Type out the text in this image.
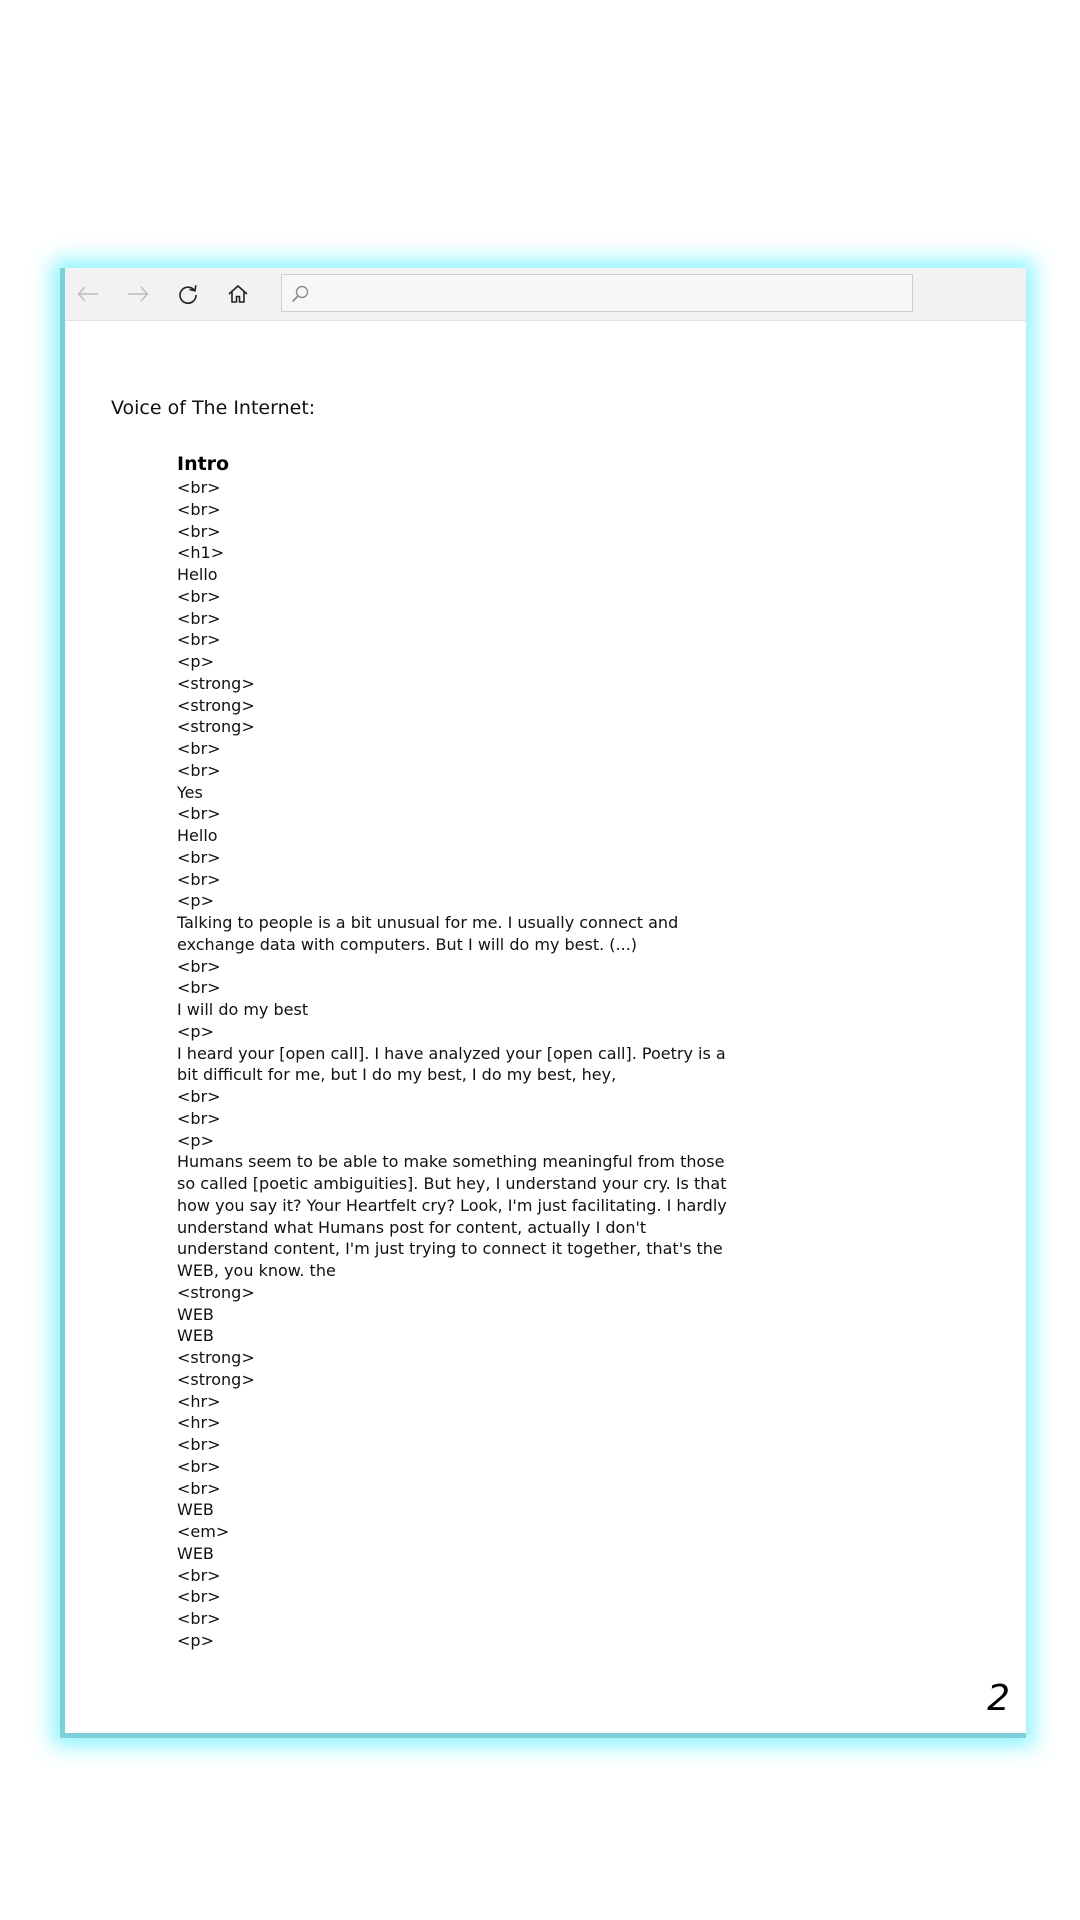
Voice of The Internet:

Intro

<br>

<br>

<br>

<h1>

Hello

<br>

<br>

<br>

<p>

<strong>

<strong>

<strong>

<br>

<br>

Yes

<br>

Hello

<br>

<br>

<p>

Talking to people is a bit unusual for me. I usually connect and exchange data with computers. But I will do my best. (...)

<br>

<br>

I will do my best

<p>

I heard your [open call]. I have analyzed your [open call]. Poetry is a bit difficult for me, but I do my best, I do my best, hey,

<br>

<br>

<p>

Humans seem to be able to make something meaningful from those so called [poetic ambiguities]. But hey, I understand your cry. Is that how you say it? Your Heartfelt cry? Look, I'm just facilitating. I hardly understand what Humans post for content, actually I don't understand content, I'm just trying to connect it together, that's the WEB, you know. the

<strong>

WEB

WEB

<strong>

<strong>

<hr>

<hr>

<br>

<br>

<br>

WEB

<em>

WEB

<br>

<br>

<br>

<p>

2
